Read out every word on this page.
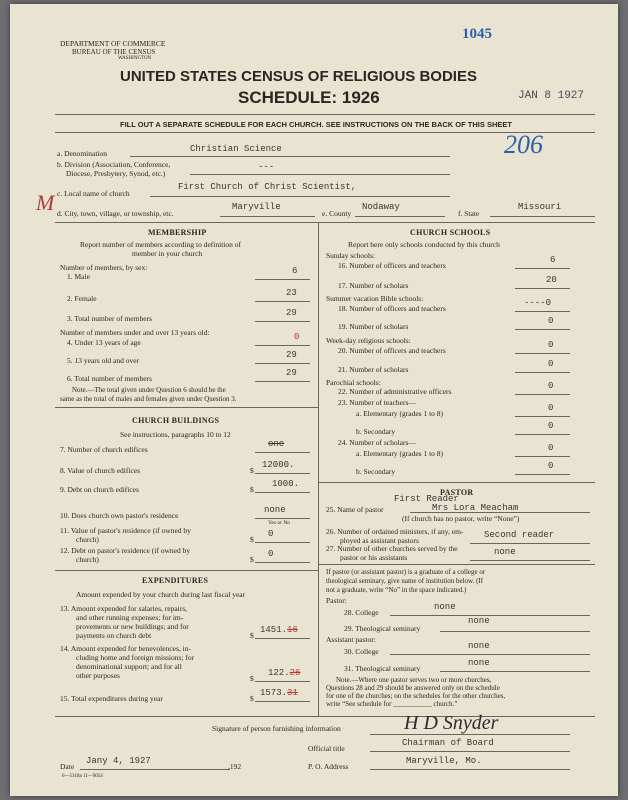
DEPARTMENT OF COMMERCE
BUREAU OF THE CENSUS
WASHINGTON
1045
UNITED STATES CENSUS OF RELIGIOUS BODIES
SCHEDULE: 1926	JAN 8 1927
FILL OUT A SEPARATE SCHEDULE FOR EACH CHURCH. SEE INSTRUCTIONS ON THE BACK OF THIS SHEET
206
M
a. Denomination	Christian Science
b. Division (Association, Conference,
Diocese, Presbytery, Synod, etc.)
---
c. Local name of church
First Church of Christ Scientist,
d. City, town, village, or township, etc.
Maryville
e. County
Nodaway
f. State
Missouri
MEMBERSHIP
Report number of members according to definition of
member in your church
Number of members, by sex:
1. Male
6
2. Female
23
3. Total number of members
29
Number of members under and over 13 years old:
4. Under 13 years of age
0
5. 13 years old and over
29
6. Total number of members
29
Note.—The total given under Question 6 should be the
same as the total of males and females given under Question 3.
CHURCH BUILDINGS
See instructions, paragraphs 10 to 12
7. Number of church edifices
one
8. Value of church edifices	$
12000.
9. Debt on church edifices	$
1000.
10. Does church own pastor's residence
none
Yes or No
11. Value of pastor's residence (if owned by
church)	$
0
12. Debt on pastor's residence (if owned by
church)	$
0
EXPENDITURES
Amount expended by your church during last fiscal year
13. Amount expended for salaries, repairs,
and other running expenses; for im-
provements or new buildings; and for
payments on church debt	$
1451.16
14. Amount expended for benevolences, in-
cluding home and foreign missions; for
denominational support; and for all
other purposes	$
122.26
15. Total expenditures during year	$
1573.31
CHURCH SCHOOLS
Report here only schools conducted by this church
Sunday schools:
16. Number of officers and teachers
6
17. Number of scholars
20
Summer vacation Bible schools:
18. Number of officers and teachers
----0
19. Number of scholars
0
Week-day religious schools:
20. Number of officers and teachers
0
21. Number of scholars
0
Parochial schools:
22. Number of administrative officers
0
23. Number of teachers—
a. Elementary (grades 1 to 8)
0
b. Secondary
0
24. Number of scholars—
a. Elementary (grades 1 to 8)
0
b. Secondary
0
PASTOR
First Reader
25. Name of pastor	Mrs Lora Meacham
(If church has no pastor, write “None”)
26. Number of ordained ministers, if any, em-
ployed as assistant pastors
Second reader
27. Number of other churches served by the
pastor or his assistants
none
If pastor (or assistant pastor) is a graduate of a college or
theological seminary, give name of institution below. (If
not a graduate, write “No” in the space indicated.)
Pastor:
28. College
none
29. Theological seminary
none
Assistant pastor:
30. College
none
31. Theological seminary
none
Note.—Where one pastor serves two or more churches,
Questions 28 and 29 should be answered only on the schedule
for one of the churches; on the schedules for the other churches,
write “See schedule for ___________ church.”
Signature of person furnishing information	H D Snyder
Official title
Chairman of Board
Date
Jany 4, 1927
,192	P. O. Address
Maryville, Mo.
6—5318a 11—9054
